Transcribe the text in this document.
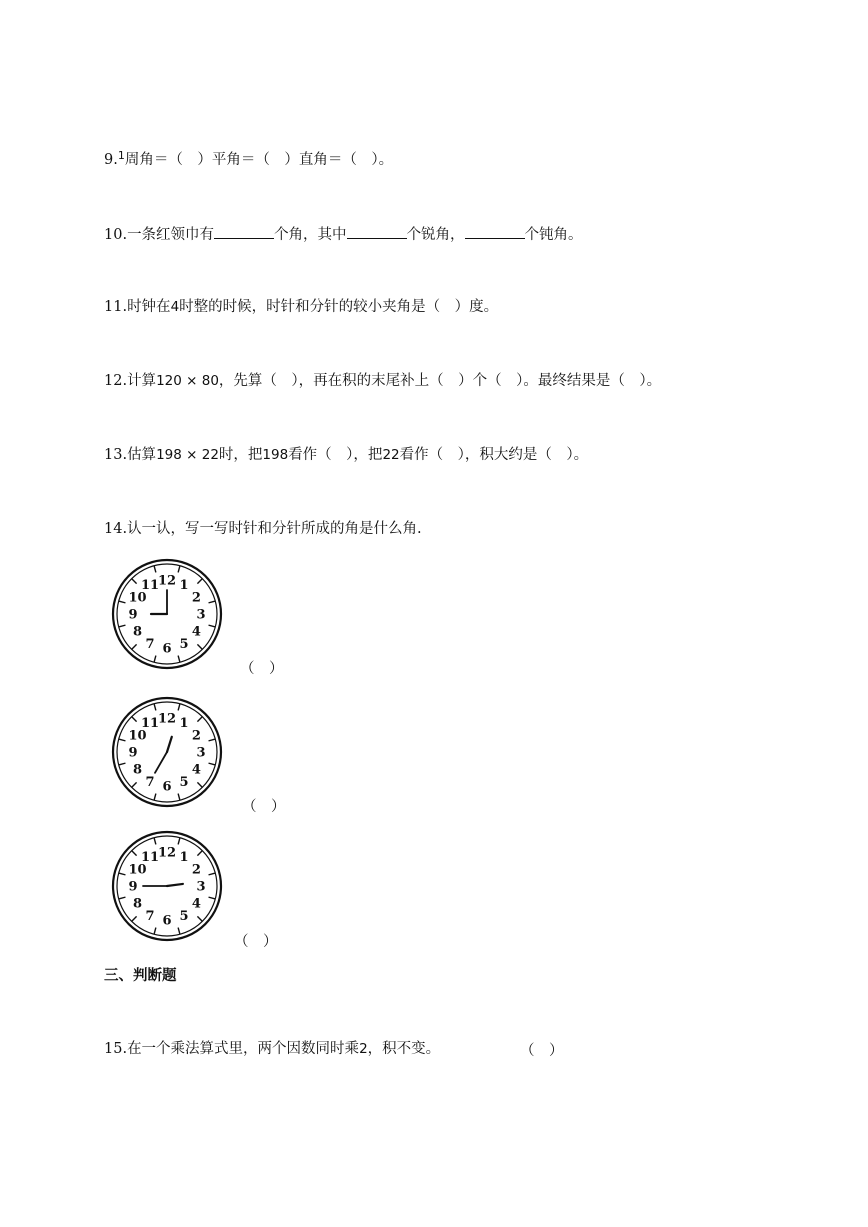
9.$^1$周角＝（　）平角＝（　）直角＝（　）。
10.一条红领巾有	个角，其中	个锐角，	个钝角。
11.时钟在4时整的时候，时针和分针的较小夹角是（　）度。
12.计算120 × 80，先算（　），再在积的末尾补上（　）个（　）。最终结果是（　）。
13.估算198 × 22时，把198看作（　），把22看作（　），积大约是（　）。
14.认一认，写一写时针和分针所成的角是什么角.
12 1
2
3
4
5
6
7
8
9
10
11
（　）
12 1
2
3
4
5
6
7
8
9
10
11
（　）
12 1
2
3
4
5
6
7
8
9
10
11
（　）
三、判断题
15.在一个乘法算式里，两个因数同时乘2，积不变。	（　）
